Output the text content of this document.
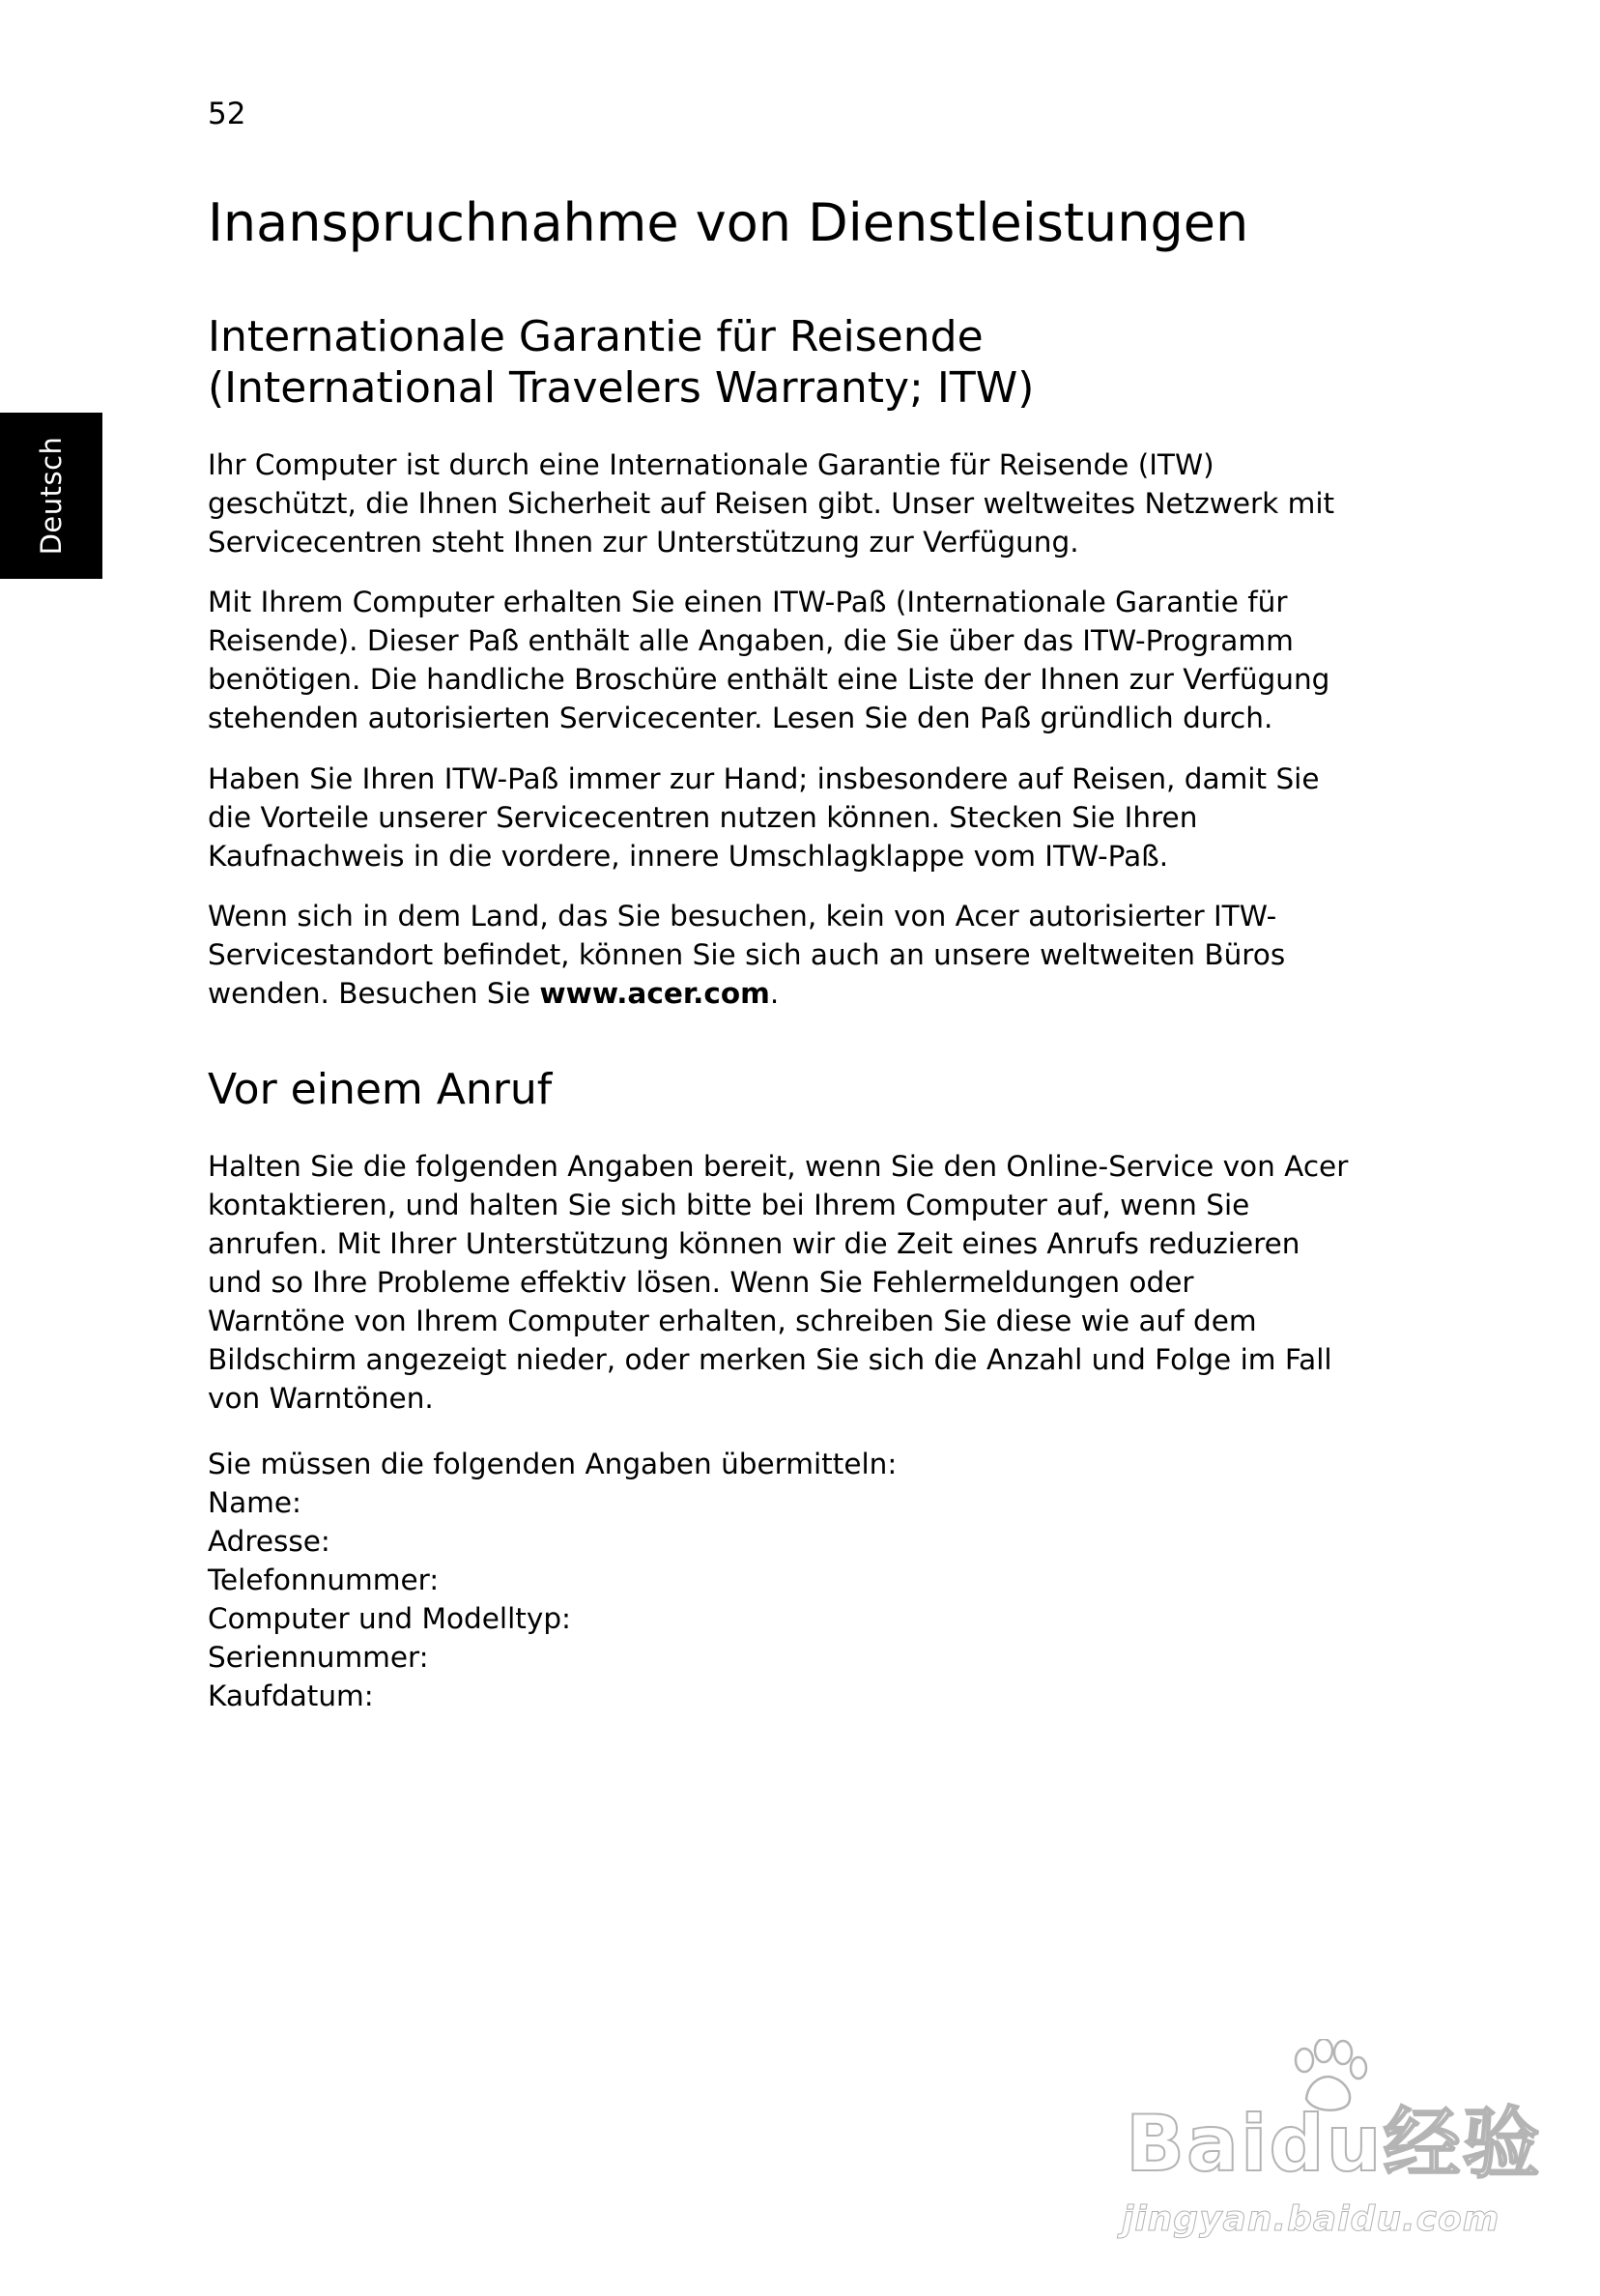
52
Deutsch
Inanspruchnahme von Dienstleistungen
Internationale Garantie für Reisende
(International Travelers Warranty; ITW)

Ihr Computer ist durch eine Internationale Garantie für Reisende (ITW)
geschützt, die Ihnen Sicherheit auf Reisen gibt. Unser weltweites Netzwerk mit
Servicecentren steht Ihnen zur Unterstützung zur Verfügung.

Mit Ihrem Computer erhalten Sie einen ITW-Paß (Internationale Garantie für
Reisende). Dieser Paß enthält alle Angaben, die Sie über das ITW-Programm
benötigen. Die handliche Broschüre enthält eine Liste der Ihnen zur Verfügung
stehenden autorisierten Servicecenter. Lesen Sie den Paß gründlich durch.

Haben Sie Ihren ITW-Paß immer zur Hand; insbesondere auf Reisen, damit Sie
die Vorteile unserer Servicecentren nutzen können. Stecken Sie Ihren
Kaufnachweis in die vordere, innere Umschlagklappe vom ITW-Paß.

Wenn sich in dem Land, das Sie besuchen, kein von Acer autorisierter ITW-
Servicestandort befindet, können Sie sich auch an unsere weltweiten Büros
wenden. Besuchen Sie www.acer.com.

Vor einem Anruf

Halten Sie die folgenden Angaben bereit, wenn Sie den Online-Service von Acer
kontaktieren, und halten Sie sich bitte bei Ihrem Computer auf, wenn Sie
anrufen. Mit Ihrer Unterstützung können wir die Zeit eines Anrufs reduzieren
und so Ihre Probleme effektiv lösen. Wenn Sie Fehlermeldungen oder
Warntöne von Ihrem Computer erhalten, schreiben Sie diese wie auf dem
Bildschirm angezeigt nieder, oder merken Sie sich die Anzahl und Folge im Fall
von Warntönen.

Sie müssen die folgenden Angaben übermitteln:
Name:
Adresse:
Telefonnummer:
Computer und Modelltyp:
Seriennummer:
Kaufdatum:
Baidu经验
jingyan.baidu.com
